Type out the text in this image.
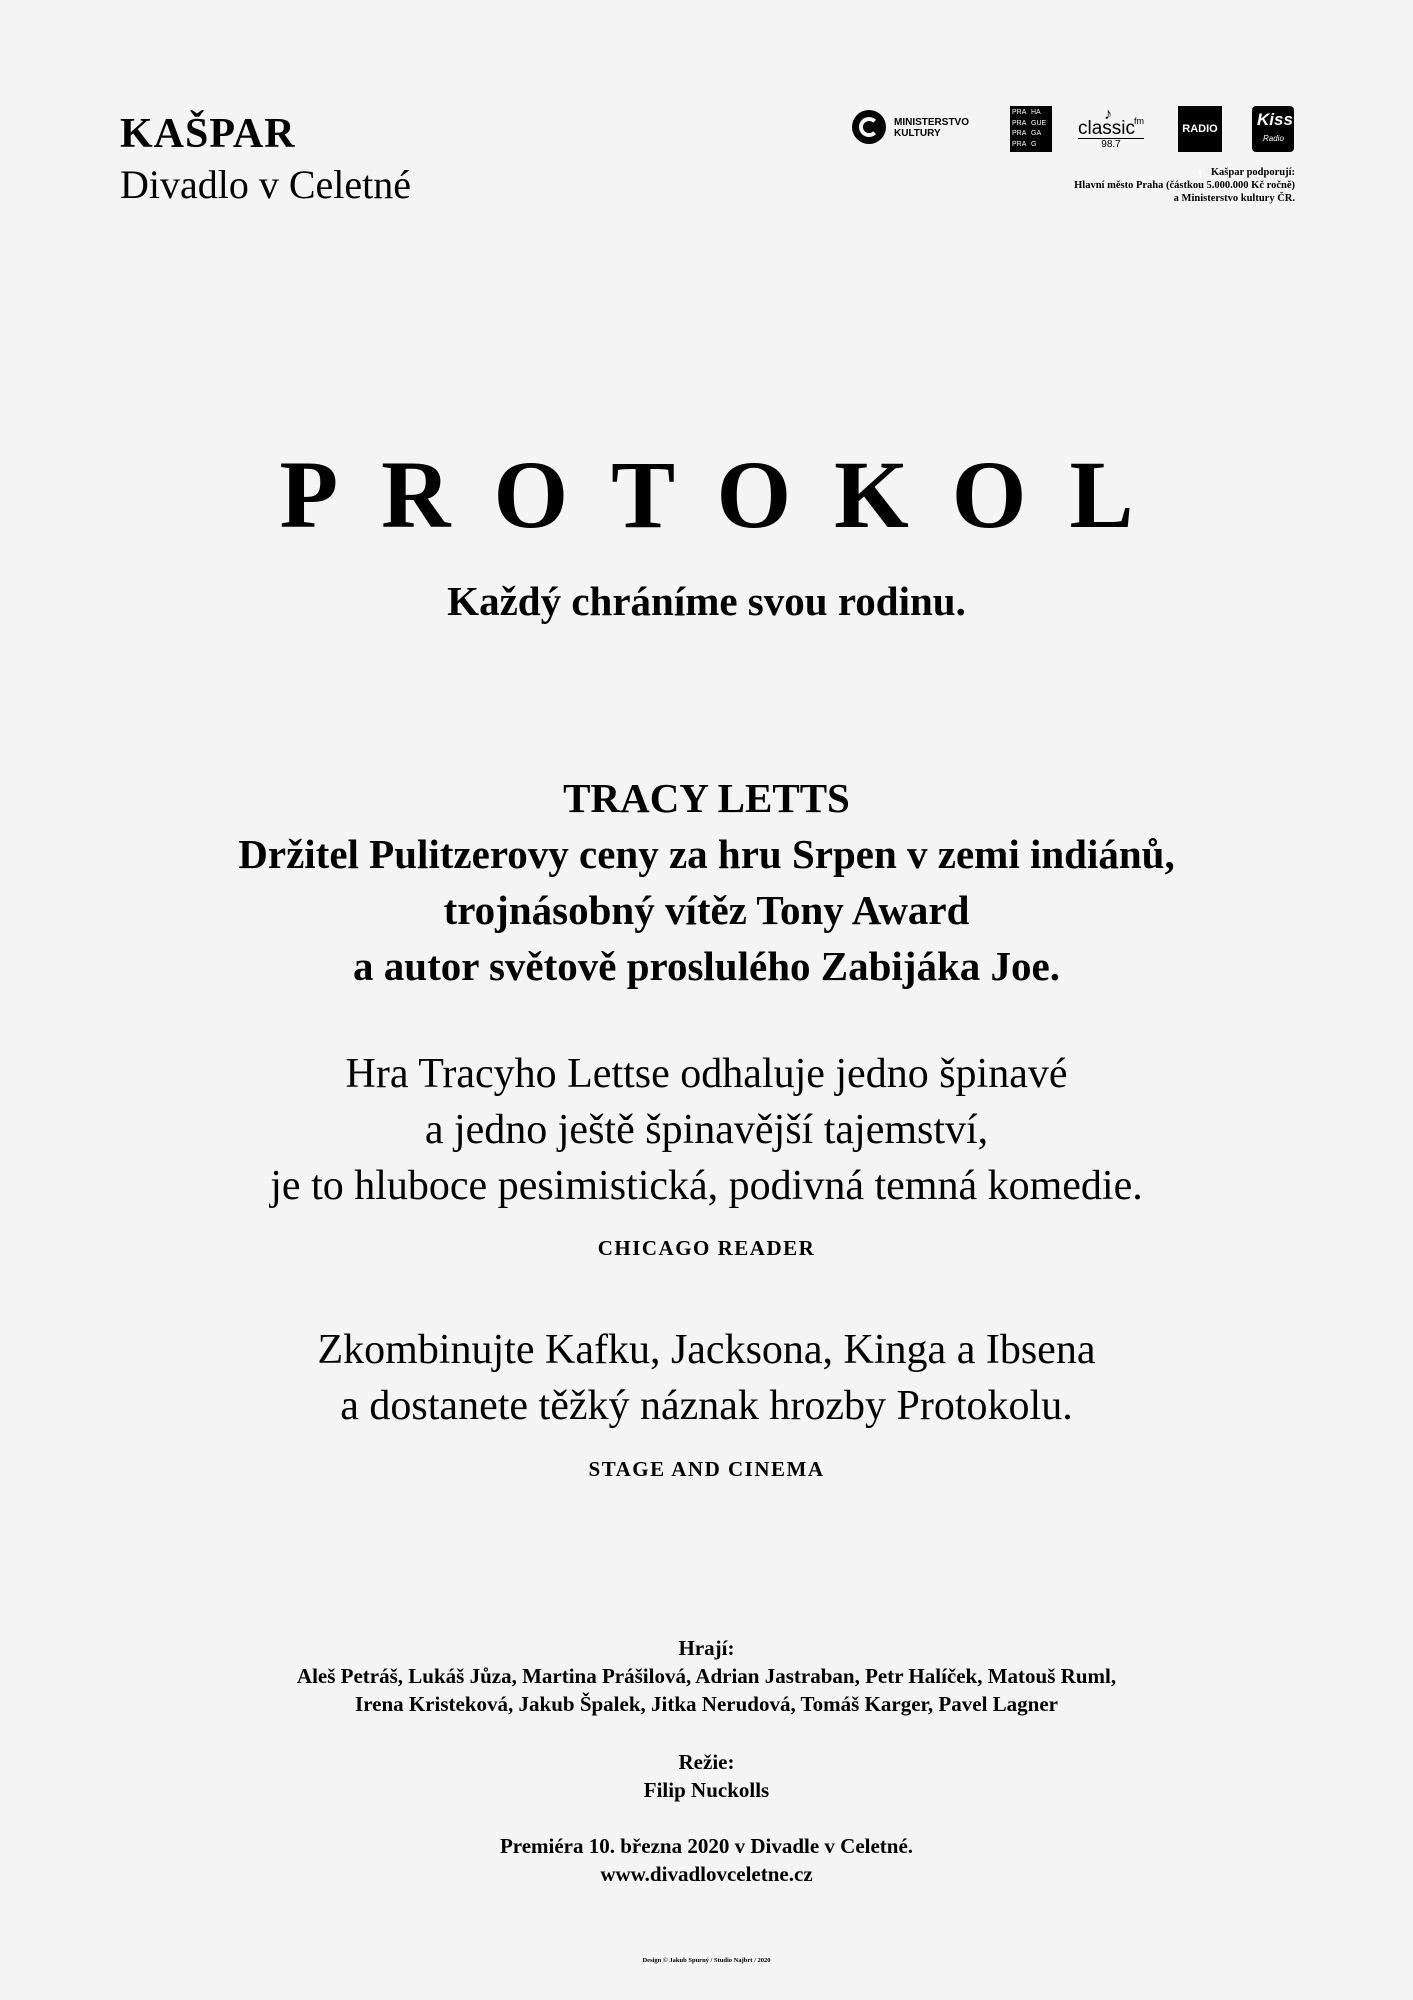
KAŠPAR
Divadlo v Celetné
MINISTERSTVO
KULTURY
PRA HA
PRA GUE
PRA GA
PRA G
♪
classic
fm
98.7
RADIO 1
Kiss
Radio
Kašpar podporují:
Hlavní město Praha (částkou 5.000.000 Kč ročně)
a Ministerstvo kultury ČR.
PROTOKOL
Každý chráníme svou rodinu.
TRACY LETTS
Držitel Pulitzerovy ceny za hru Srpen v zemi indiánů,
trojnásobný vítěz Tony Award
a autor světově proslulého Zabijáka Joe.
Hra Tracyho Lettse odhaluje jedno špinavé
a jedno ještě špinavější tajemství,
je to hluboce pesimistická, podivná temná komedie.
CHICAGO READER
Zkombinujte Kafku, Jacksona, Kinga a Ibsena
a dostanete těžký náznak hrozby Protokolu.
STAGE AND CINEMA
Hrají:
Aleš Petráš, Lukáš Jůza, Martina Prášilová, Adrian Jastraban, Petr Halíček, Matouš Ruml,
Irena Kristeková, Jakub Špalek, Jitka Nerudová, Tomáš Karger, Pavel Lagner
Režie:
Filip Nuckolls
Premiéra 10. března 2020 v Divadle v Celetné.
www.divadlovceletne.cz
Design © Jakub Spurný / Studio Najbrt / 2020
